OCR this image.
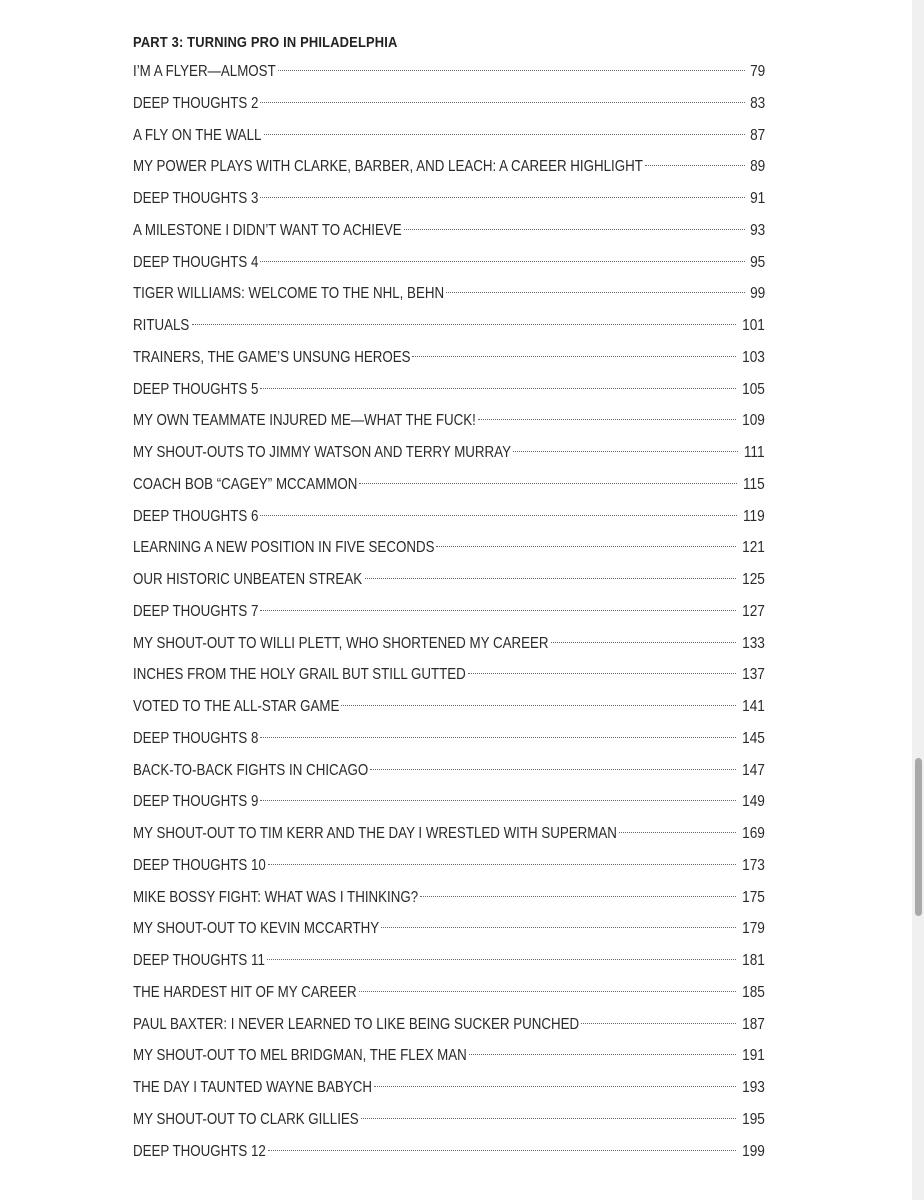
PART 3: TURNING PRO IN PHILADELPHIA
I’M A FLYER—ALMOST	79
DEEP THOUGHTS 2	83
A FLY ON THE WALL	87
MY POWER PLAYS WITH CLARKE, BARBER, AND LEACH: A CAREER HIGHLIGHT	89
DEEP THOUGHTS 3	91
A MILESTONE I DIDN’T WANT TO ACHIEVE	93
DEEP THOUGHTS 4	95
TIGER WILLIAMS: WELCOME TO THE NHL, BEHN	99
RITUALS	101
TRAINERS, THE GAME’S UNSUNG HEROES	103
DEEP THOUGHTS 5	105
MY OWN TEAMMATE INJURED ME—WHAT THE FUCK!	109
MY SHOUT-OUTS TO JIMMY WATSON AND TERRY MURRAY	111
COACH BOB “CAGEY” MCCAMMON	115
DEEP THOUGHTS 6	119
LEARNING A NEW POSITION IN FIVE SECONDS	121
OUR HISTORIC UNBEATEN STREAK	125
DEEP THOUGHTS 7	127
MY SHOUT-OUT TO WILLI PLETT, WHO SHORTENED MY CAREER	133
INCHES FROM THE HOLY GRAIL BUT STILL GUTTED	137
VOTED TO THE ALL-STAR GAME	141
DEEP THOUGHTS 8	145
BACK-TO-BACK FIGHTS IN CHICAGO	147
DEEP THOUGHTS 9	149
MY SHOUT-OUT TO TIM KERR AND THE DAY I WRESTLED WITH SUPERMAN	169
DEEP THOUGHTS 10	173
MIKE BOSSY FIGHT: WHAT WAS I THINKING?	175
MY SHOUT-OUT TO KEVIN MCCARTHY	179
DEEP THOUGHTS 11	181
THE HARDEST HIT OF MY CAREER	185
PAUL BAXTER: I NEVER LEARNED TO LIKE BEING SUCKER PUNCHED	187
MY SHOUT-OUT TO MEL BRIDGMAN, THE FLEX MAN	191
THE DAY I TAUNTED WAYNE BABYCH	193
MY SHOUT-OUT TO CLARK GILLIES	195
DEEP THOUGHTS 12	199
